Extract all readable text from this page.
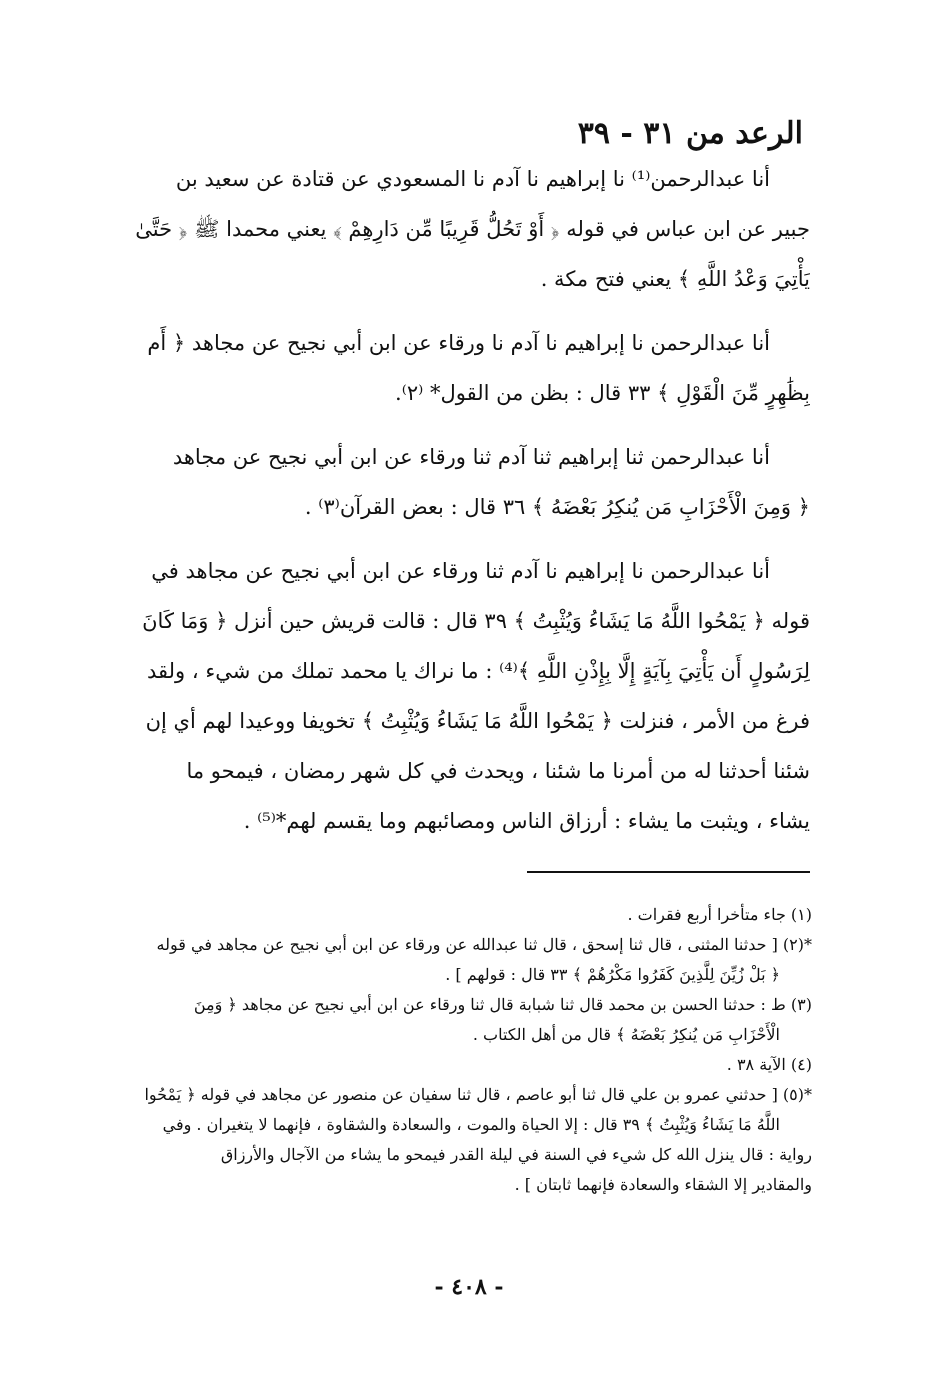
الرعد من ٣١ - ٣٩
أنا عبدالرحمن⁽¹⁾ نا إبراهيم نا آدم نا المسعودي عن قتادة عن سعيد بن
جبير عن ابن عباس في قوله ﴿ أَوْ تَحُلُّ قَرِيبًا مِّن دَارِهِمْ ﴾ يعني محمدا ﷺ ﴿ حَتَّىٰ
يَأْتِيَ وَعْدُ اللَّهِ ﴾ يعني فتح مكة .
أنا عبدالرحمن نا إبراهيم نا آدم نا ورقاء عن ابن أبي نجيح عن مجاهد ﴿ أَم
بِظَٰهِرٍ مِّنَ الْقَوْلِ ﴾ ٣٣ قال : بظن من القول* ⁽٢⁾.
أنا عبدالرحمن ثنا إبراهيم ثنا آدم ثنا ورقاء عن ابن أبي نجيح عن مجاهد
﴿ وَمِنَ الْأَحْزَابِ مَن يُنكِرُ بَعْضَهُ ﴾ ٣٦ قال : بعض القرآن⁽٣⁾ .
أنا عبدالرحمن نا إبراهيم نا آدم ثنا ورقاء عن ابن أبي نجيح عن مجاهد في
قوله ﴿ يَمْحُوا اللَّهُ مَا يَشَاءُ وَيُثْبِتُ ﴾ ٣٩ قال : قالت قريش حين أنزل ﴿ وَمَا كَانَ
لِرَسُولٍ أَن يَأْتِيَ بِآيَةٍ إِلَّا بِإِذْنِ اللَّهِ ﴾⁽⁴⁾ : ما نراك يا محمد تملك من شيء ، ولقد
فرغ من الأمر ، فنزلت ﴿ يَمْحُوا اللَّهُ مَا يَشَاءُ وَيُثْبِتُ ﴾ تخويفا ووعيدا لهم أي إن
شئنا أحدثنا له من أمرنا ما شئنا ، ويحدث في كل شهر رمضان ، فيمحو ما
يشاء ، ويثبت ما يشاء : أرزاق الناس ومصائبهم وما يقسم لهم*⁽⁵⁾ .
(١) جاء متأخرا أربع فقرات .
*(٢) [ حدثنا المثنى ، قال ثنا إسحق ، قال ثنا عبدالله عن ورقاء عن ابن أبي نجيح عن مجاهد في قوله
﴿ بَلْ زُيِّنَ لِلَّذِينَ كَفَرُوا مَكْرُهُمْ ﴾ ٣٣ قال : قولهم ] .
(٣) ط : حدثنا الحسن بن محمد قال ثنا شبابة قال ثنا ورقاء عن ابن أبي نجيح عن مجاهد ﴿ وَمِنَ
الْأَحْزَابِ مَن يُنكِرُ بَعْضَهُ ﴾ قال من أهل الكتاب .
(٤) الآية ٣٨ .
*(٥) [ حدثني عمرو بن علي قال ثنا أبو عاصم ، قال ثنا سفيان عن منصور عن مجاهد في قوله ﴿ يَمْحُوا
اللَّهُ مَا يَشَاءُ وَيُثْبِتُ ﴾ ٣٩ قال : إلا الحياة والموت ، والسعادة والشقاوة ، فإنهما لا يتغيران . وفي
رواية : قال ينزل الله كل شيء في السنة في ليلة القدر فيمحو ما يشاء من الآجال والأرزاق
والمقادير إلا الشقاء والسعادة فإنهما ثابتان ] .
- ٤٠٨ -
